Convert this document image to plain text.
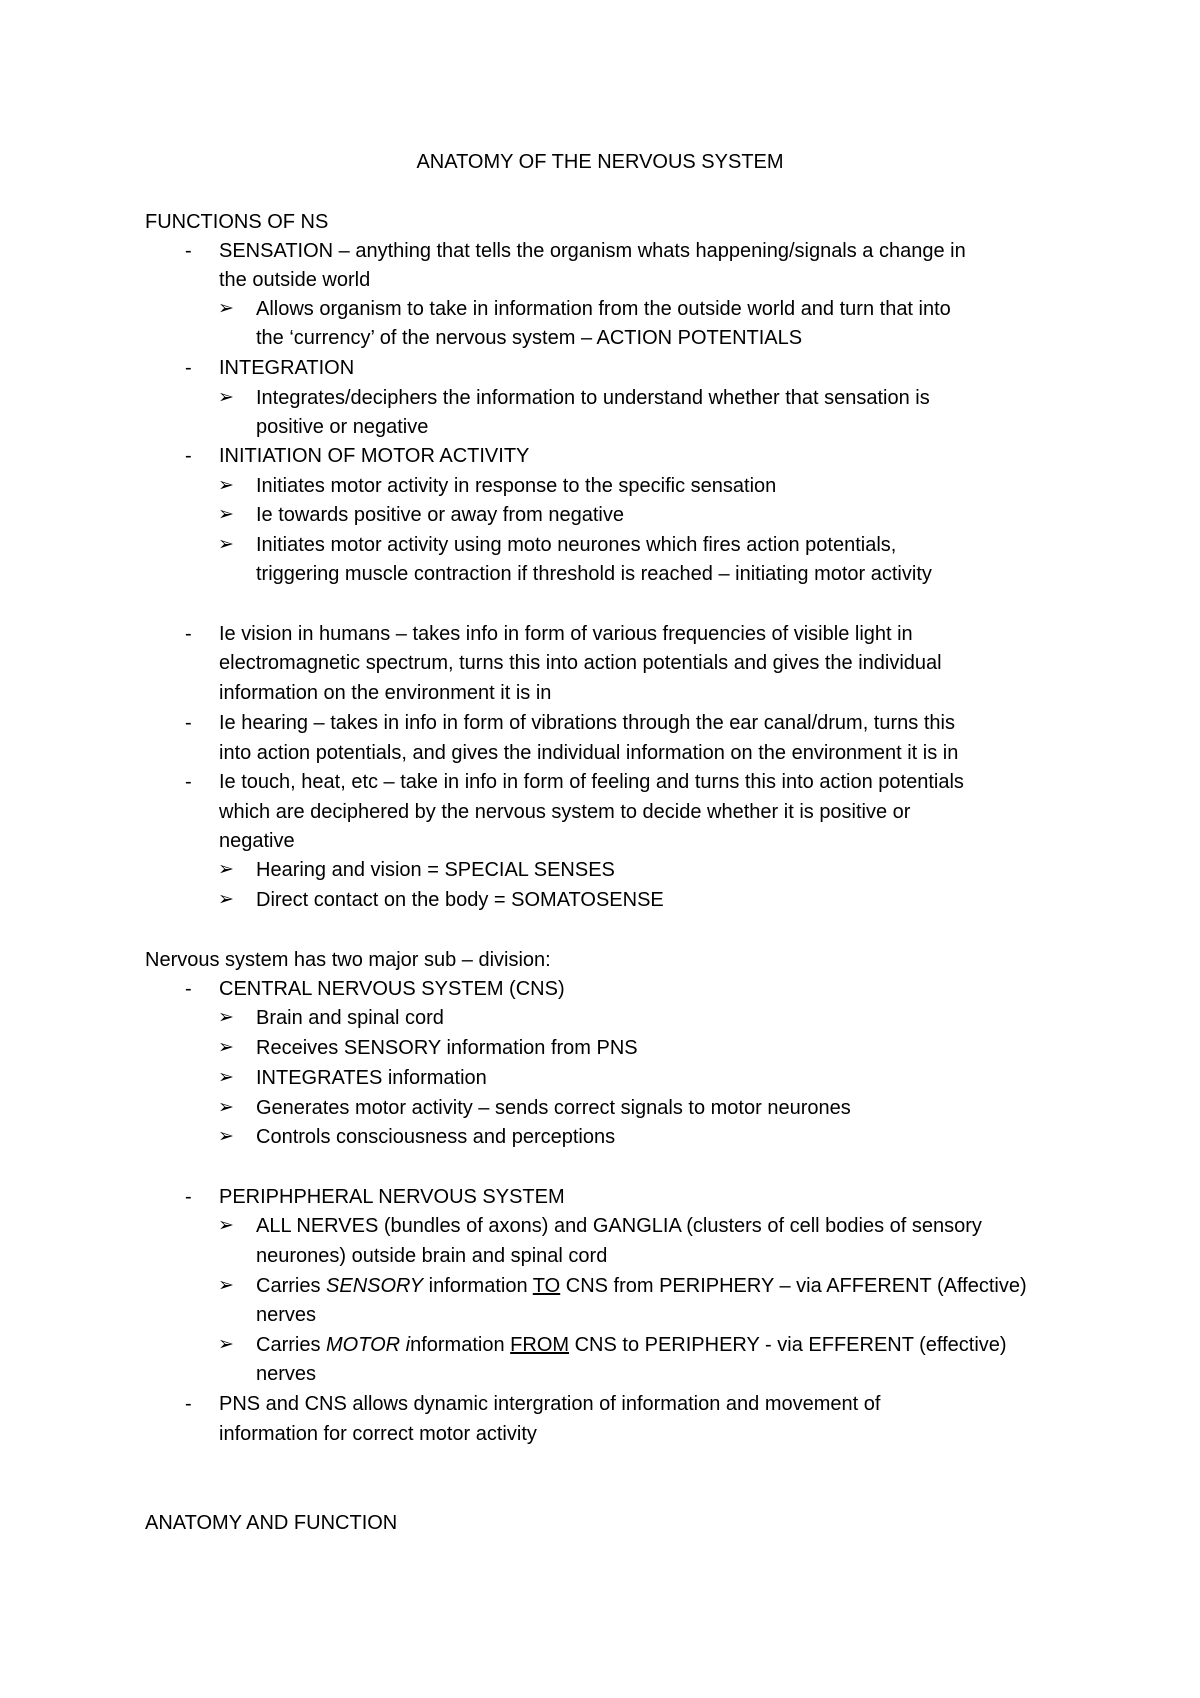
ANATOMY OF THE NERVOUS SYSTEM
FUNCTIONS OF NS
- SENSATION – anything that tells the organism whats happening/signals a change in
the outside world
➢ Allows organism to take in information from the outside world and turn that into
the ‘currency’ of the nervous system – ACTION POTENTIALS
- INTEGRATION
➢ Integrates/deciphers the information to understand whether that sensation is
positive or negative
- INITIATION OF MOTOR ACTIVITY
➢ Initiates motor activity in response to the specific sensation
➢ Ie towards positive or away from negative
➢ Initiates motor activity using moto neurones which fires action potentials,
triggering muscle contraction if threshold is reached – initiating motor activity
- Ie vision in humans – takes info in form of various frequencies of visible light in
electromagnetic spectrum, turns this into action potentials and gives the individual
information on the environment it is in
- Ie hearing – takes in info in form of vibrations through the ear canal/drum, turns this
into action potentials, and gives the individual information on the environment it is in
- Ie touch, heat, etc – take in info in form of feeling and turns this into action potentials
which are deciphered by the nervous system to decide whether it is positive or
negative
➢ Hearing and vision = SPECIAL SENSES
➢ Direct contact on the body = SOMATOSENSE
Nervous system has two major sub – division:
- CENTRAL NERVOUS SYSTEM (CNS)
➢ Brain and spinal cord
➢ Receives SENSORY information from PNS
➢ INTEGRATES information
➢ Generates motor activity – sends correct signals to motor neurones
➢ Controls consciousness and perceptions
- PERIPHPHERAL NERVOUS SYSTEM
➢ ALL NERVES (bundles of axons) and GANGLIA (clusters of cell bodies of sensory
neurones) outside brain and spinal cord
➢ Carries SENSORY information TO CNS from PERIPHERY – via AFFERENT (Affective)
nerves
➢ Carries MOTOR information FROM CNS to PERIPHERY - via EFFERENT (effective)
nerves
- PNS and CNS allows dynamic intergration of information and movement of
information for correct motor activity
ANATOMY AND FUNCTION
